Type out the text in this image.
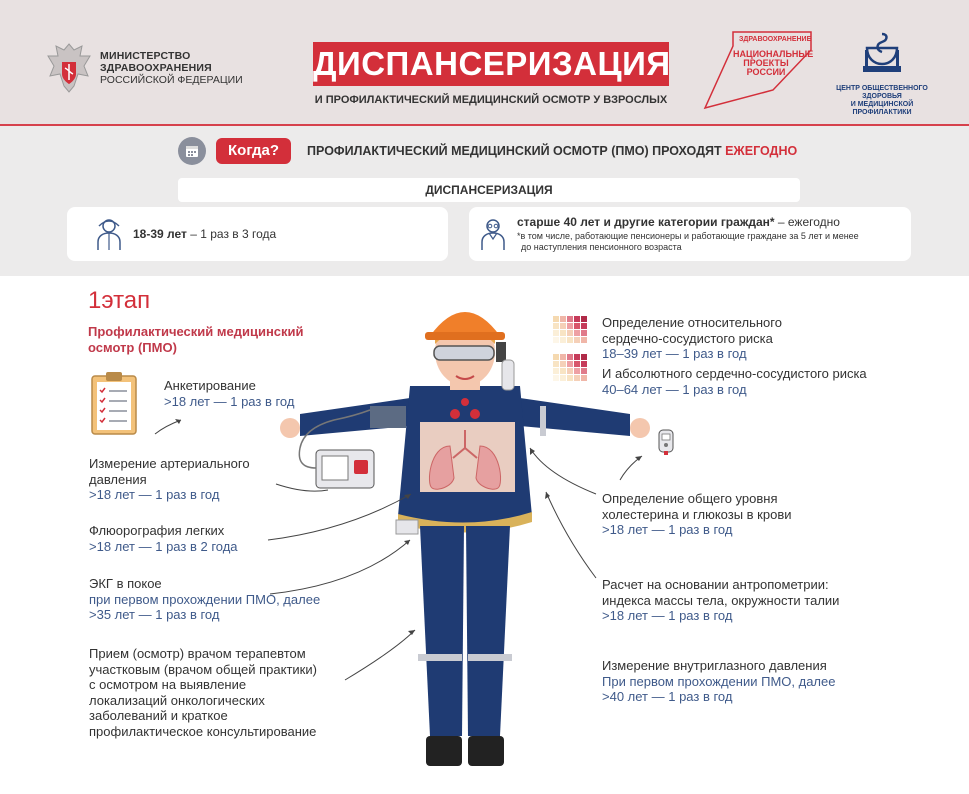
МИНИСТЕРСТВО
ЗДРАВООХРАНЕНИЯ
РОССИЙСКОЙ ФЕДЕРАЦИИ ДИСПАНСЕРИЗАЦИЯ
И ПРОФИЛАКТИЧЕСКИЙ МЕДИЦИНСКИЙ ОСМОТР У ВЗРОСЛЫХ
ЗДРАВООХРАНЕНИЕ
НАЦИОНАЛЬНЫЕ ПРОЕКТЫ РОССИИ
ЦЕНТР ОБЩЕСТВЕННОГО ЗДОРОВЬЯ
И МЕДИЦИНСКОЙ ПРОФИЛАКТИКИ
Когда?	ПРОФИЛАКТИЧЕСКИЙ МЕДИЦИНСКИЙ ОСМОТР (ПМО) ПРОХОДЯТ ЕЖЕГОДНО
ДИСПАНСЕРИЗАЦИЯ
18-39 лет – 1 раз в 3 года
старше 40 лет и другие категории граждан* – ежегодно
*в том числе, работающие пенсионеры и работающие граждане за 5 лет и менее
до наступления пенсионного возраста
1этап
Профилактический медицинский осмотр (ПМО)
Анкетирование
>18 лет — 1 раз в год
Измерение артериального
давления
>18 лет — 1 раз в год
Флюорография легких
>18 лет — 1 раз в 2 года
ЭКГ в покое
при первом прохождении ПМО, далее
>35 лет — 1 раз в год
Прием (осмотр) врачом терапевтом
участковым (врачом общей практики)
с осмотром на выявление
локализаций онкологических
заболеваний и краткое
профилактическое консультирование
Определение относительного
сердечно-сосудистого риска
18–39 лет — 1 раз в год
И абсолютного сердечно-сосудистого риска
40–64 лет — 1 раз в год
Определение общего уровня
холестерина и глюкозы в крови
>18 лет — 1 раз в год
Расчет на основании антропометрии:
индекса массы тела, окружности талии
>18 лет — 1 раз в год
Измерение внутриглазного давления
При первом прохождении ПМО, далее
>40 лет — 1 раз в год
